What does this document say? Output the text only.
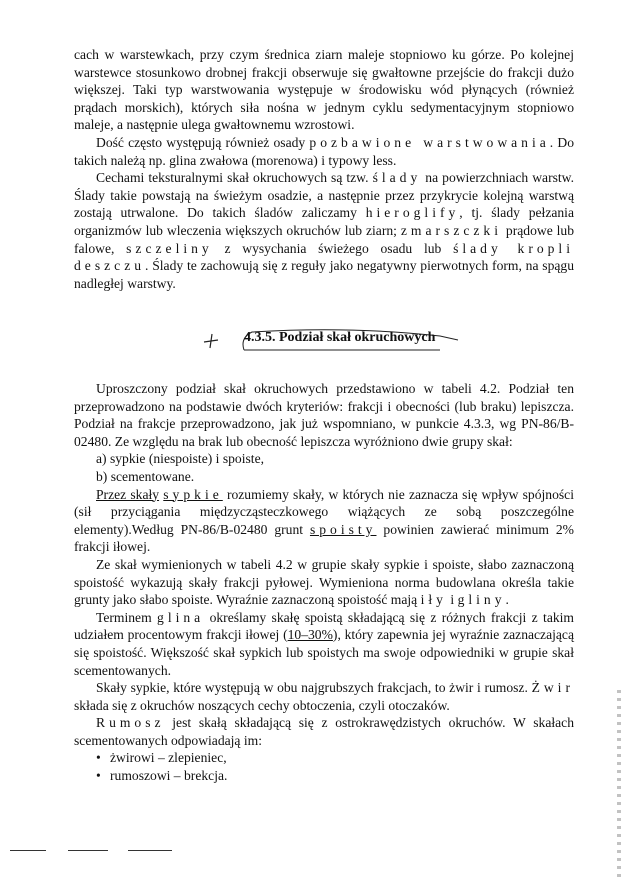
cach w warstewkach, przy czym średnica ziarn maleje stopniowo ku górze. Po kolejnej warstewce stosunkowo drobnej frakcji obserwuje się gwałtowne przejście do frakcji dużo większej. Taki typ warstwowania występuje w środowisku wód płynących (również prądach morskich), których siła nośna w jednym cyklu sedymentacyjnym stopniowo maleje, a następnie ulega gwałtownemu wzrostowi.

Dość często występują również osady pozbawione warstwowania. Do takich należą np. glina zwałowa (morenowa) i typowy less.

Cechami teksturalnymi skał okruchowych są tzw. ślady na powierzchniach warstw. Ślady takie powstają na świeżym osadzie, a następnie przez przykrycie kolejną warstwą zostają utrwalone. Do takich śladów zaliczamy hieroglify, tj. ślady pełzania organizmów lub wleczenia większych okruchów lub ziarn; zmarszczki prądowe lub falowe, szczeliny z wysychania świeżego osadu lub ślady kropli deszczu. Ślady te zachowują się z reguły jako negatywny pierwotnych form, na spągu nadległej warstwy.

4.3.5. Podział skał okruchowych

Uproszczony podział skał okruchowych przedstawiono w tabeli 4.2. Podział ten przeprowadzono na podstawie dwóch kryteriów: frakcji i obecności (lub braku) lepiszcza. Podział na frakcje przeprowadzono, jak już wspomniano, w punkcie 4.3.3, wg PN-86/B-02480. Ze względu na brak lub obecność lepiszcza wyróżniono dwie grupy skał:

a) sypkie (niespoiste) i spoiste,

b) scementowane.

Przez skały sypkie rozumiemy skały, w których nie zaznacza się wpływ spójności (sił przyciągania międzycząsteczkowego wiążących ze sobą poszczególne elementy).Według PN-86/B-02480 grunt spoisty powinien zawierać minimum 2% frakcji iłowej.

Ze skał wymienionych w tabeli 4.2 w grupie skały sypkie i spoiste, słabo zaznaczoną spoistość wykazują skały frakcji pyłowej. Wymieniona norma budowlana określa takie grunty jako słabo spoiste. Wyraźnie zaznaczoną spoistość mają iły i gliny.

Terminem glina określamy skałę spoistą składającą się z różnych frakcji z takim udziałem procentowym frakcji iłowej (10–30%), który zapewnia jej wyraźnie zaznaczającą się spoistość. Większość skał sypkich lub spoistych ma swoje odpowiedniki w grupie skał scementowanych.

Skały sypkie, które występują w obu najgrubszych frakcjach, to żwir i rumosz. Żwir składa się z okruchów noszących cechy obtoczenia, czyli otoczaków.

Rumosz jest skałą składającą się z ostrokrawędzistych okruchów. W skałach scementowanych odpowiadają im:

• żwirowi – zlepieniec,
• rumoszowi – brekcja.
